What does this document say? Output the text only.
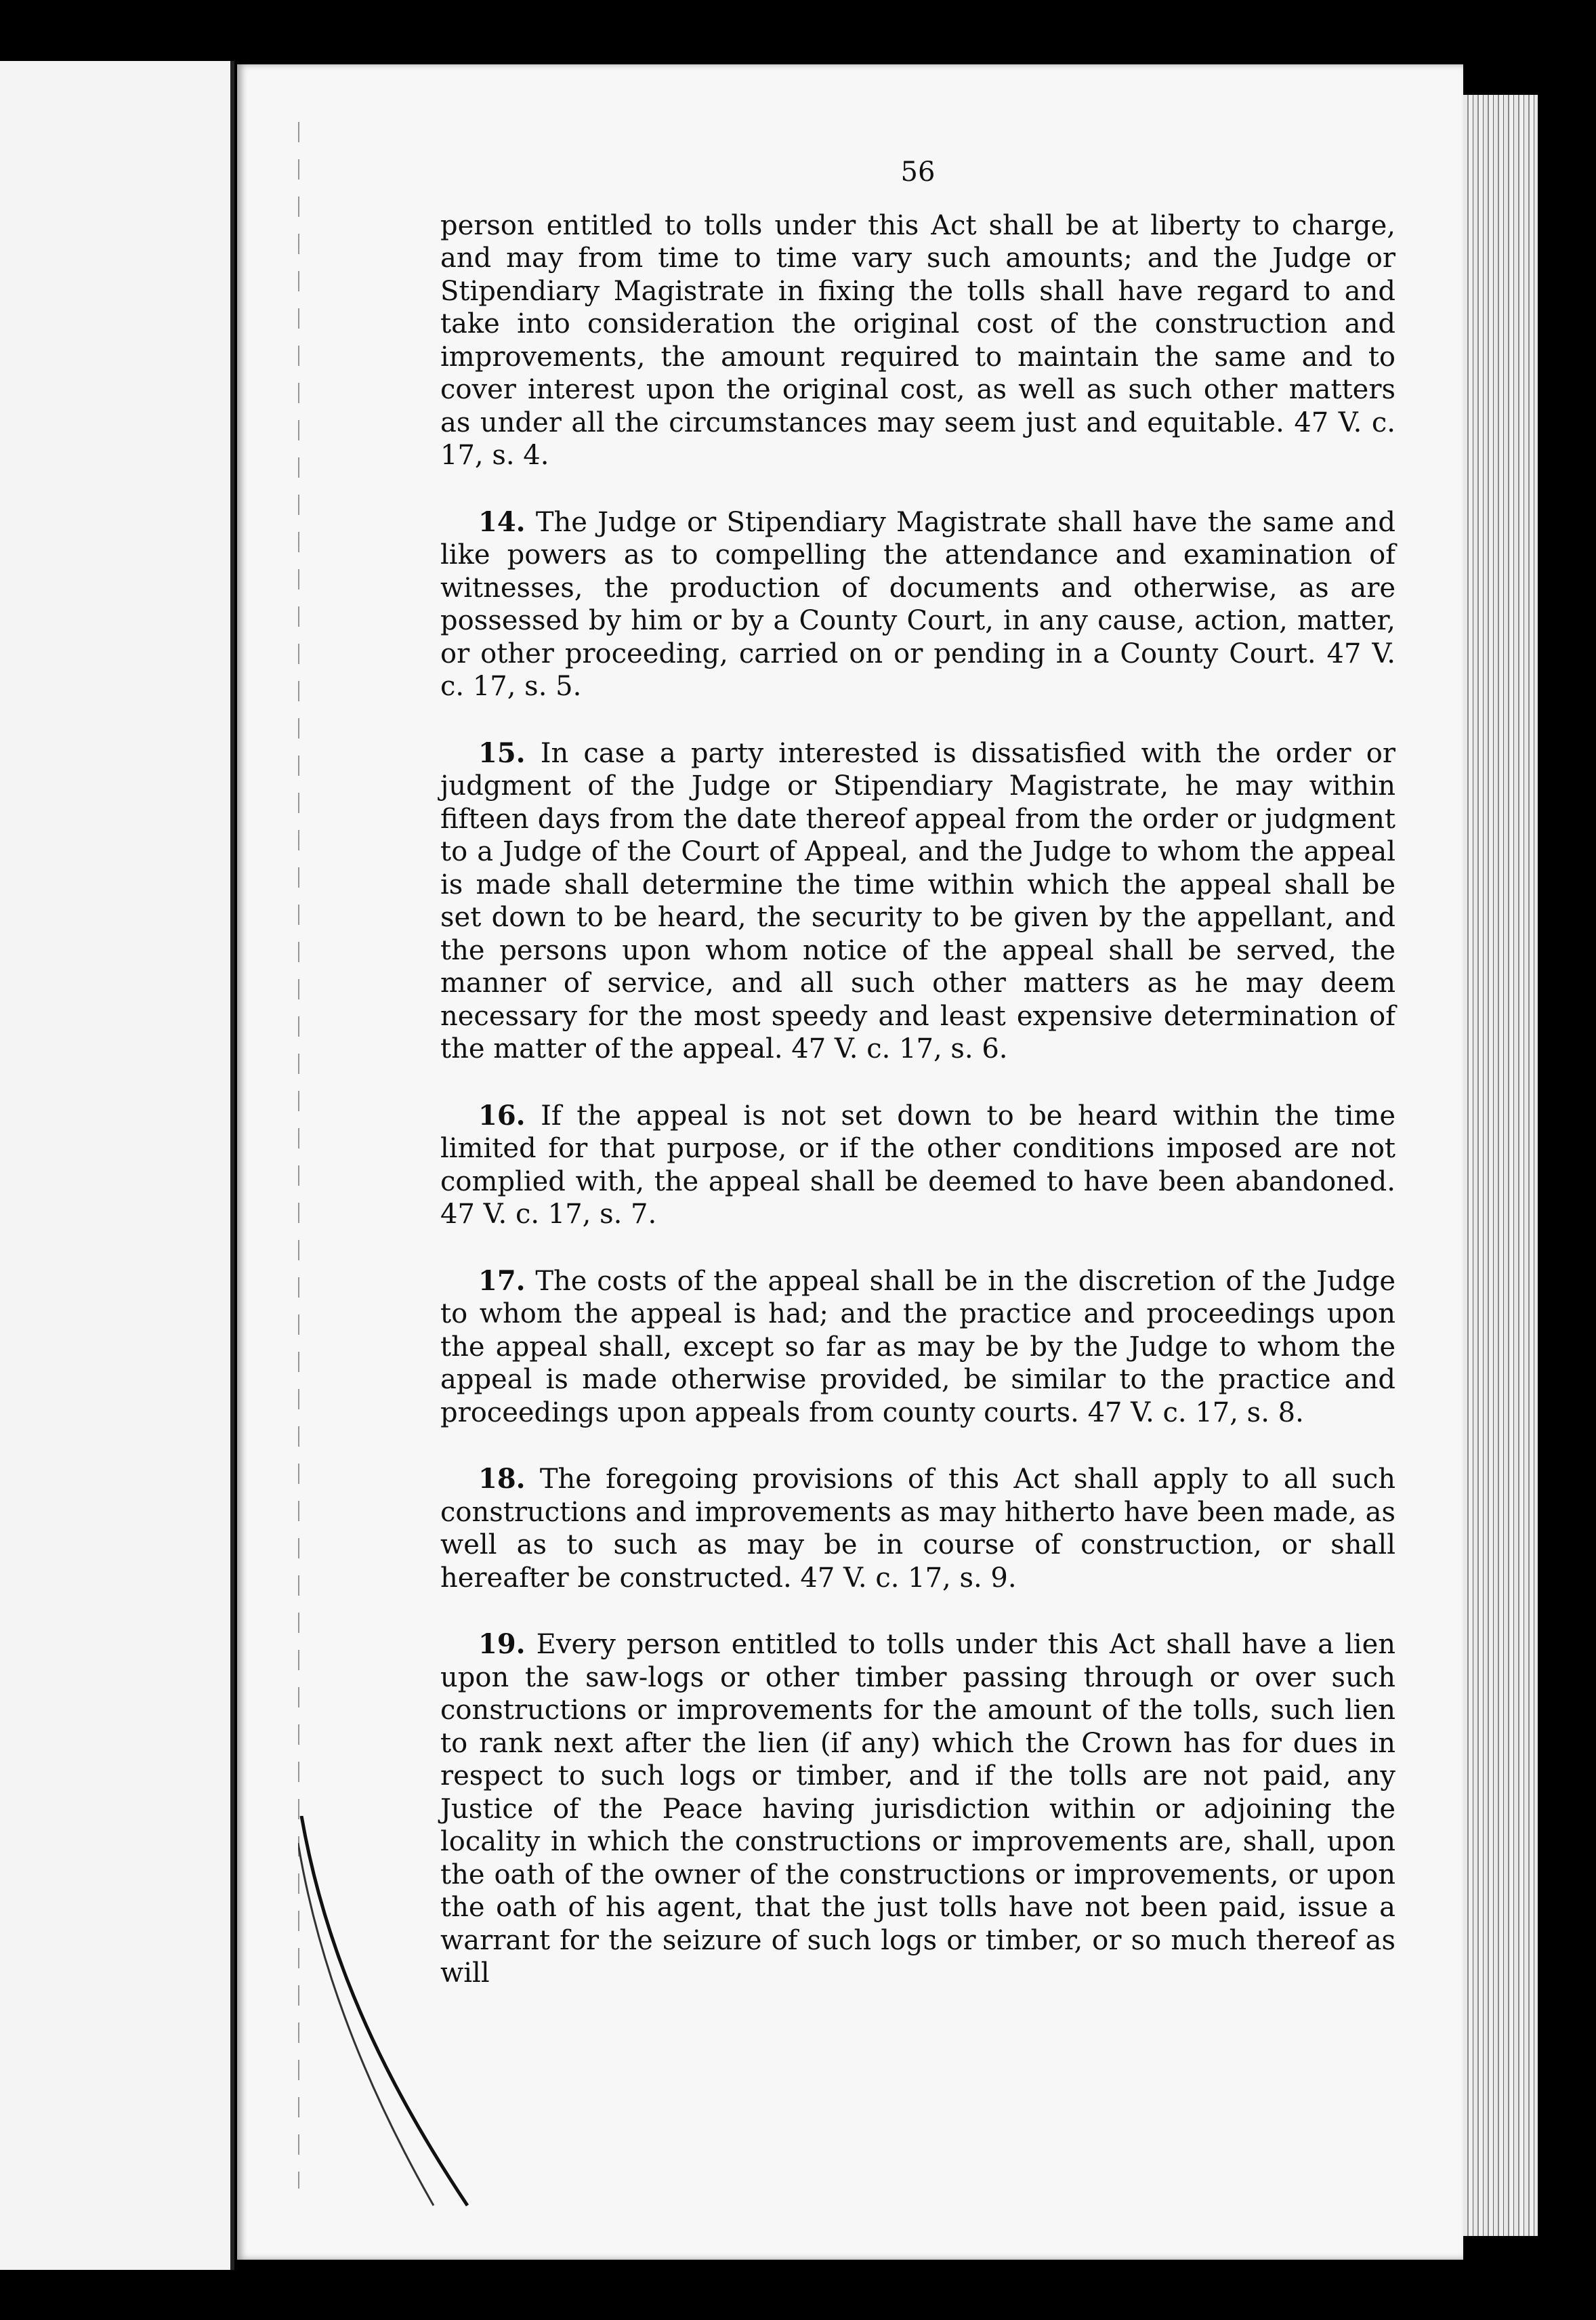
56

person entitled to tolls under this Act shall be at liberty to charge, and may from time to time vary such amounts; and the Judge or Stipendiary Magistrate in fixing the tolls shall have regard to and take into consideration the original cost of the construction and improvements, the amount required to maintain the same and to cover interest upon the original cost, as well as such other matters as under all the circumstances may seem just and equitable. 47 V. c. 17, s. 4.

14. The Judge or Stipendiary Magistrate shall have the same and like powers as to compelling the attendance and examination of witnesses, the production of documents and otherwise, as are possessed by him or by a County Court, in any cause, action, matter, or other proceeding, carried on or pending in a County Court. 47 V. c. 17, s. 5.

15. In case a party interested is dissatisfied with the order or judgment of the Judge or Stipendiary Magistrate, he may within fifteen days from the date thereof appeal from the order or judgment to a Judge of the Court of Appeal, and the Judge to whom the appeal is made shall determine the time within which the appeal shall be set down to be heard, the security to be given by the appellant, and the persons upon whom notice of the appeal shall be served, the manner of service, and all such other matters as he may deem necessary for the most speedy and least expensive determination of the matter of the appeal. 47 V. c. 17, s. 6.

16. If the appeal is not set down to be heard within the time limited for that purpose, or if the other conditions imposed are not complied with, the appeal shall be deemed to have been abandoned. 47 V. c. 17, s. 7.

17. The costs of the appeal shall be in the discretion of the Judge to whom the appeal is had; and the practice and proceedings upon the appeal shall, except so far as may be by the Judge to whom the appeal is made otherwise provided, be similar to the practice and proceedings upon appeals from county courts. 47 V. c. 17, s. 8.

18. The foregoing provisions of this Act shall apply to all such constructions and improvements as may hitherto have been made, as well as to such as may be in course of construction, or shall hereafter be constructed. 47 V. c. 17, s. 9.

19. Every person entitled to tolls under this Act shall have a lien upon the saw-logs or other timber passing through or over such constructions or improvements for the amount of the tolls, such lien to rank next after the lien (if any) which the Crown has for dues in respect to such logs or timber, and if the tolls are not paid, any Justice of the Peace having jurisdiction within or adjoining the locality in which the constructions or improvements are, shall, upon the oath of the owner of the constructions or improvements, or upon the oath of his agent, that the just tolls have not been paid, issue a warrant for the seizure of such logs or timber, or so much thereof as will
